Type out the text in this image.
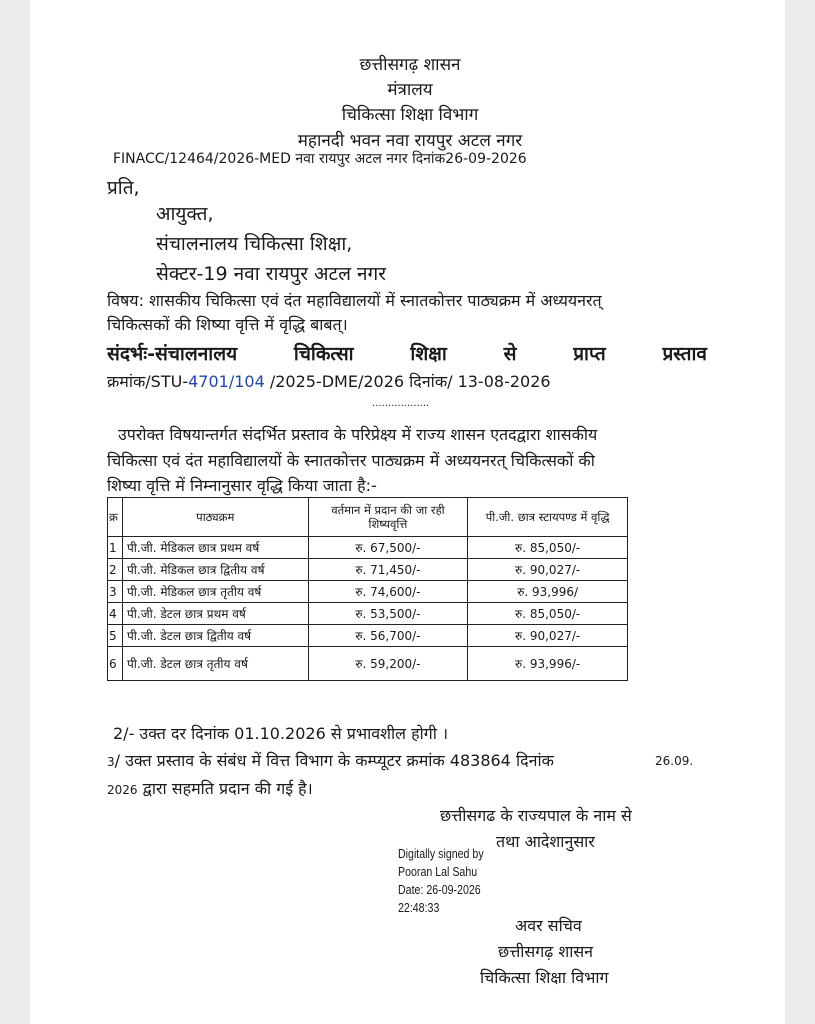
छत्तीसगढ़ शासन
मंत्रालय
चिकित्सा शिक्षा विभाग
महानदी भवन नवा रायपुर अटल नगर
FINACC/12464/2026-MED नवा रायपुर अटल नगर दिनांक26-09-2026
प्रति,
आयुक्त,
संचालनालय चिकित्सा शिक्षा,
सेक्टर-19 नवा रायपुर अटल नगर
विषय: शासकीय चिकित्सा एवं दंत महाविद्यालयों में स्नातकोत्तर पाठ्यक्रम में अध्ययनरत्
चिकित्सकों की शिष्या वृत्ति में वृद्धि बाबत्।
संदर्भः-संचालनालय	चिकित्सा	शिक्षा	से	प्राप्त	प्रस्ताव
क्रमांक/STU-4701/104 /2025-DME/2026 दिनांक/ 13-08-2026
..................
उपरोक्त विषयान्तर्गत संदर्भित प्रस्ताव के परिप्रेक्ष्य में राज्य शासन एतदद्वारा शासकीय
चिकित्सा एवं दंत महाविद्यालयों के स्नातकोत्तर पाठ्यक्रम में अध्ययनरत् चिकित्सकों की
शिष्या वृत्ति में निम्नानुसार वृद्धि किया जाता है:-
क्र	पाठ्यक्रम	वर्तमान में प्रदान की जा रही शिष्यवृत्ति	पी.जी. छात्र स्टायपण्ड में वृद्धि
1	पी.जी. मेडिकल छात्र प्रथम वर्ष	रु. 67,500/-	रु. 85,050/-
2	पी.जी. मेडिकल छात्र द्वितीय वर्ष	रु. 71,450/-	रु. 90,027/-
3	पी.जी. मेडिकल छात्र तृतीय वर्ष	रु. 74,600/-	रु. 93,996/
4	पी.जी. डेटल छात्र प्रथम वर्ष	रु. 53,500/-	रु. 85,050/-
5	पी.जी. डेटल छात्र द्वितीय वर्ष	रु. 56,700/-	रु. 90,027/-
6	पी.जी. डेटल छात्र तृतीय वर्ष	रु. 59,200/-	रु. 93,996/-
2/- उक्त दर दिनांक 01.10.2026 से प्रभावशील होगी ।
3/ उक्त प्रस्ताव के संबंध में वित्त विभाग के कम्प्यूटर क्रमांक 483864 दिनांक	26.09.
2026 द्वारा सहमति प्रदान की गई है।
छत्तीसगढ के राज्यपाल के नाम से
तथा आदेशानुसार
Digitally signed by
Pooran Lal Sahu
Date: 26-09-2026
22:48:33
अवर सचिव
छत्तीसगढ़ शासन
चिकित्सा शिक्षा विभाग
